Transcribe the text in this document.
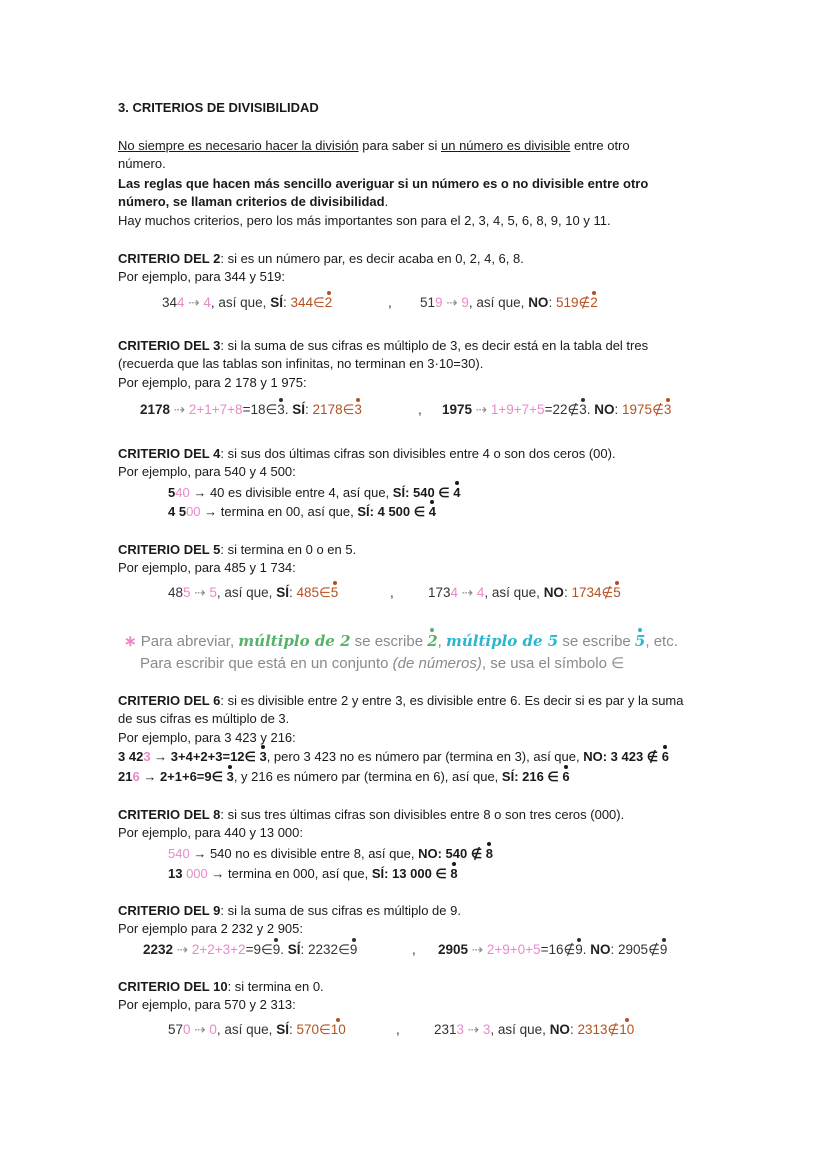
3. CRITERIOS DE DIVISIBILIDAD
No siempre es necesario hacer la división para saber si un número es divisible entre otro
número.
Las reglas que hacen más sencillo averiguar si un número es o no divisible entre otro
número, se llaman criterios de divisibilidad.
Hay muchos criterios, pero los más importantes son para el 2, 3, 4, 5, 6, 8, 9, 10 y 11.
CRITERIO DEL 2: si es un número par, es decir acaba en 0, 2, 4, 6, 8.
Por ejemplo, para 344 y 519:
344 ⇢ 4, así que, SÍ: 344∈2	, 519 ⇢ 9, así que, NO: 519∉2
CRITERIO DEL 3: si la suma de sus cifras es múltiplo de 3, es decir está en la tabla del tres
(recuerda que las tablas son infinitas, no terminan en 3·10=30).
Por ejemplo, para 2 178 y 1 975:
2178 ⇢ 2+1+7+8=18∈3. SÍ: 2178∈3	, 1975 ⇢ 1+9+7+5=22∉3. NO: 1975∉3
CRITERIO DEL 4: si sus dos últimas cifras son divisibles entre 4 o son dos ceros (00).
Por ejemplo, para 540 y 4 500:
540 → 40 es divisible entre 4, así que, SÍ: 540 ∈ 4
4 500 → termina en 00, así que, SÍ: 4 500 ∈ 4
CRITERIO DEL 5: si termina en 0 o en 5.
Por ejemplo, para 485 y 1 734:
485 ⇢ 5, así que, SÍ: 485∈5	,	1734 ⇢ 4, así que, NO: 1734∉5
∗ Para abreviar, múltiplo de 2 se escribe 2, múltiplo de 5 se escribe 5, etc.
Para escribir que está en un conjunto (de números), se usa el símbolo ∈
CRITERIO DEL 6: si es divisible entre 2 y entre 3, es divisible entre 6. Es decir si es par y la suma
de sus cifras es múltiplo de 3.
Por ejemplo, para 3 423 y 216:
3 423 → 3+4+2+3=12∈ 3, pero 3 423 no es número par (termina en 3), así que, NO: 3 423 ∉ 6
216 → 2+1+6=9∈ 3, y 216 es número par (termina en 6), así que, SÍ: 216 ∈ 6
CRITERIO DEL 8: si sus tres últimas cifras son divisibles entre 8 o son tres ceros (000).
Por ejemplo, para 440 y 13 000:
540 → 540 no es divisible entre 8, así que, NO: 540 ∉ 8
13 000 → termina en 000, así que, SÍ: 13 000 ∈ 8
CRITERIO DEL 9: si la suma de sus cifras es múltiplo de 9.
Por ejemplo para 2 232 y 2 905:
2232 ⇢ 2+2+3+2=9∈9. SÍ: 2232∈9	, 2905 ⇢ 2+9+0+5=16∉9. NO: 2905∉9
CRITERIO DEL 10: si termina en 0.
Por ejemplo, para 570 y 2 313:
570 ⇢ 0, así que, SÍ: 570∈10	,	2313 ⇢ 3, así que, NO: 2313∉10
